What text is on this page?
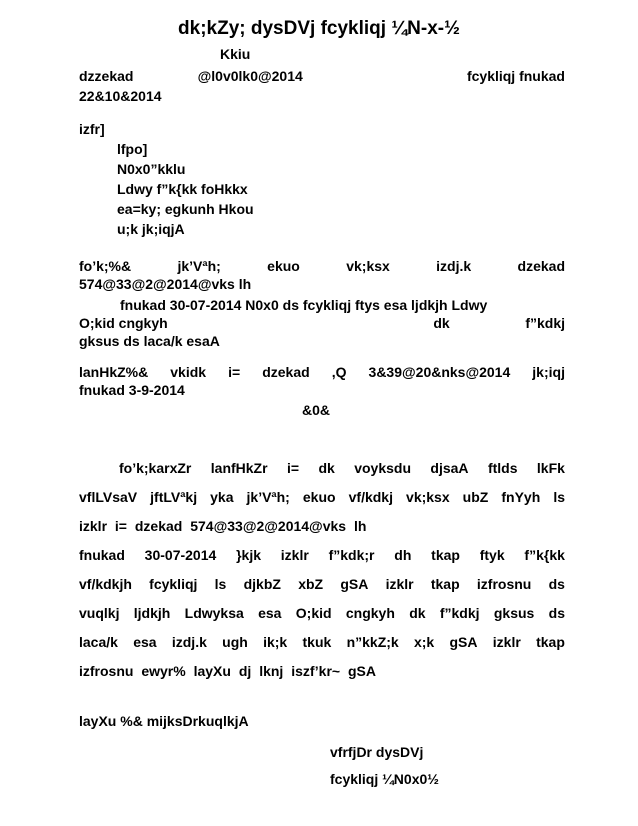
dk;kZy; dysDVj fcykliqj ¼N-x-½
Kkiu
dzzekad	@l0v0lk0@2014	fcykliqj fnukad
22&10&2014
izfr]
lfpo]
N0x0”kklu
Ldwy f”k{kk foHkkx
ea=ky; egkunh Hkou
u;k jk;iqjA
fo’k;%&	jk’Vªh;	ekuo	vk;ksx	izdj.k	dzekad
574@33@2@2014@vks lh
fnukad 30-07-2014 N0x0 ds fcykliqj ftys esa ljdkjh Ldwy
O;kid cngkyh	dk	f”kdkj
gksus ds laca/k esaA
lanHkZ%& vkidk i= dzekad ,Q 3&39@20&nks@2014 jk;iqj
fnukad 3-9-2014
&0&
fo’k;karxZr lanfHkZr i= dk voyksdu djsaA ftlds lkFk
vflLVsaV jftLVªkj yka jk’Vªh; ekuo vf/kdkj vk;ksx ubZ fnYyh ls
izklr i= dzekad 574@33@2@2014@vks lh
fnukad 30-07-2014 }kjk izklr f”kdk;r dh tkap ftyk f”k{kk
vf/kdkjh fcykliqj ls djkbZ xbZ gSA izklr tkap izfrosnu ds
vuqlkj ljdkjh Ldwyksa esa O;kid cngkyh dk f”kdkj gksus ds
laca/k esa izdj.k ugh ik;k tkuk n”kkZ;k x;k gSA izklr tkap
izfrosnu ewyr% layXu dj lknj iszf’kr~ gSA
layXu %& mijksDrkuqlkjA
vfrfjDr dysDVj
fcykliqj ¼N0x0½
